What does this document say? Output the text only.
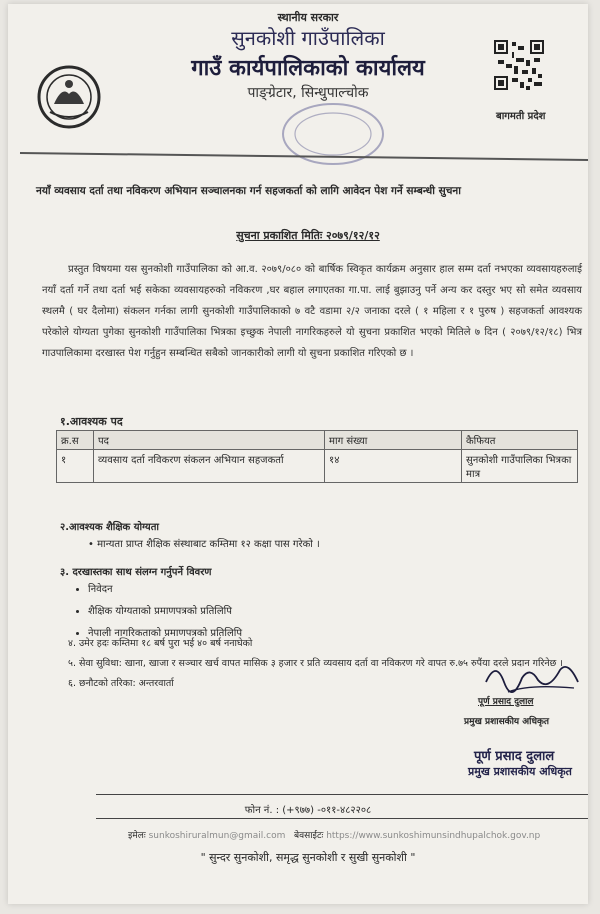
स्थानीय सरकार
सुनकोशी गाउँपालिका
गाउँ कार्यपालिकाको कार्यालय
पाङ्‌ग्रेटार, सिन्धुपाल्चोक
बागमती प्रदेश
नयाँ व्यवसाय दर्ता तथा नविकरण अभियान सञ्चालनका गर्न सहजकर्ता को लागि आवेदन पेश गर्ने सम्बन्धी सुचना
सुचना प्रकाशित मितिः २०७९/१२/१२
प्रस्तुत विषयमा यस सुनकोशी गाउँपालिका को आ.व. २०७९/०८० को बार्षिक स्विकृत कार्यक्रम अनुसार हाल सम्म दर्ता नभएका व्यवसायहरुलाई नयाँ दर्ता गर्ने तथा दर्ता भई सकेका व्यवसायहरुको नविकरण ,घर बहाल लगाएतका गा.पा. लाई बुझाउनु पर्ने अन्य कर दस्तुर भए सो समेत व्यवसाय स्थलमै ( घर दैलोमा) संकलन गर्नका लागी सुनकोशी गाउँपालिकाको ७ वटै वडामा २/२ जनाका दरले ( १ महिला र १ पुरुष ) सहजकर्ता आवश्यक परेकोले योग्यता पुगेका सुनकोशी गाउँपालिका भित्रका इच्छुक नेपाली नागरिकहरुले यो सुचना प्रकाशित भएको मितिले ७ दिन ( २०७९/१२/१८) भित्र गाउपालिकामा दरखास्त पेश गर्नुहुन सम्बन्धित सबैको जानकारीको लागी यो सुचना प्रकाशित गरिएको छ ।
१.आवश्यक पद
क्र.स	पद	माग संख्या	कैफियत
१	व्यवसाय दर्ता नविकरण संकलन अभियान सहजकर्ता	१४	सुनकोशी गाउँपालिका भित्रका मात्र
२.आवश्यक शैक्षिक योग्यता
• मान्यता प्राप्त शैक्षिक संस्थाबाट कम्तिमा १२ कक्षा पास गरेको ।
३. दरखास्तका साथ संलग्न गर्नुपर्ने विवरण
• निवेदन
• शैक्षिक योग्यताको प्रमाणपत्रको प्रतिलिपि
• नेपाली नागरिकताको प्रमाणपत्रको प्रतिलिपि
४. उमेर हदः कम्तिमा १८ बर्ष पुरा भई ४० बर्ष ननाघेको
५. सेवा सुविधा: खाना, खाजा र सञ्चार खर्च वापत मासिक ३ हजार र प्रति व्यवसाय दर्ता वा नविकरण गरे वापत रु.७५ रुपैंया दरले प्रदान गरिनेछ ।
६. छनौटको तरिका: अन्तरवार्ता
पूर्ण प्रसाद दुलाल
प्रमुख प्रशासकीय अधिकृत
पूर्ण प्रसाद दुलाल
प्रमुख प्रशासकीय अधिकृत
फोन नं. : (+९७७) -०११-४८२२०८
इमेलः sunkoshiruralmun@gmail.com बेवसाईटः https://www.sunkoshimunsindhupalchok.gov.np
" सुन्दर सुनकोशी, समृद्ध सुनकोशी र सुखी सुनकोशी "
